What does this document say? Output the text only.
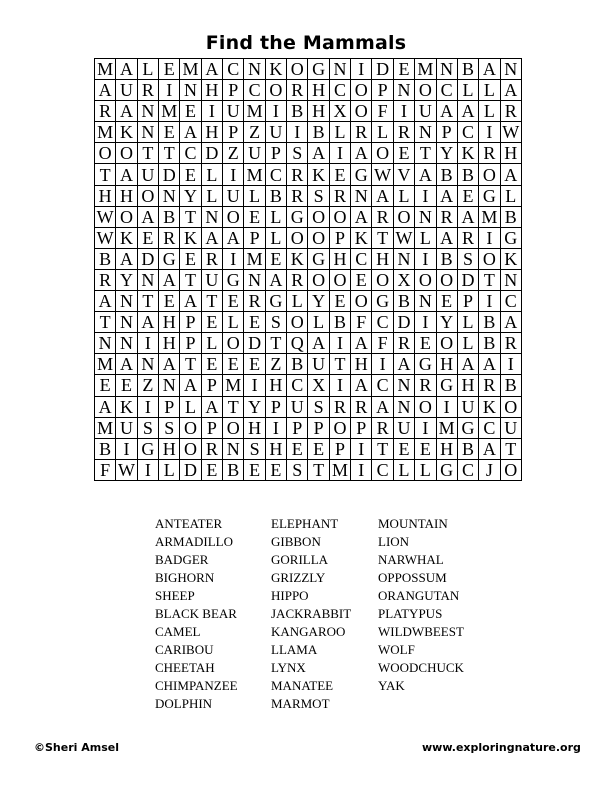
Find the Mammals
M	A	L	E	M	A	C	N	K	O	G	N	I	D	E	M	N	B	A	N
A	U	R	I	N	H	P	C	O	R	H	C	O	P	N	O	C	L	L	A
R	A	N	M	E	I	U	M	I	B	H	X	O	F	I	U	A	A	L	R
M	K	N	E	A	H	P	Z	U	I	B	L	R	L	R	N	P	C	I	W
O	O	T	T	C	D	Z	U	P	S	A	I	A	O	E	T	Y	K	R	H
T	A	U	D	E	L	I	M	C	R	K	E	G	W	V	A	B	B	O	A
H	H	O	N	Y	L	U	L	B	R	S	R	N	A	L	I	A	E	G	L
W	O	A	B	T	N	O	E	L	G	O	O	A	R	O	N	R	A	M	B
W	K	E	R	K	A	A	P	L	O	O	P	K	T	W	L	A	R	I	G
B	A	D	G	E	R	I	M	E	K	G	H	C	H	N	I	B	S	O	K
R	Y	N	A	T	U	G	N	A	R	O	O	E	O	X	O	O	D	T	N
A	N	T	E	A	T	E	R	G	L	Y	E	O	G	B	N	E	P	I	C
T	N	A	H	P	E	L	E	S	O	L	B	F	C	D	I	Y	L	B	A
N	N	I	H	P	L	O	D	T	Q	A	I	A	F	R	E	O	L	B	R
M	A	N	A	T	E	E	E	Z	B	U	T	H	I	A	G	H	A	A	I
E	E	Z	N	A	P	M	I	H	C	X	I	A	C	N	R	G	H	R	B
A	K	I	P	L	A	T	Y	P	U	S	R	R	A	N	O	I	U	K	O
M	U	S	S	O	P	O	H	I	P	P	O	P	R	U	I	M	G	C	U
B	I	G	H	O	R	N	S	H	E	E	P	I	T	E	E	H	B	A	T
F	W	I	L	D	E	B	E	E	S	T	M	I	C	L	L	G	C	J	O
ANTEATER
ARMADILLO
BADGER
BIGHORN
SHEEP
BLACK BEAR
CAMEL
CARIBOU
CHEETAH
CHIMPANZEE
DOLPHIN
ELEPHANT
GIBBON
GORILLA
GRIZZLY
HIPPO
JACKRABBIT
KANGAROO
LLAMA
LYNX
MANATEE
MARMOT
MOUNTAIN
LION
NARWHAL
OPPOSSUM
ORANGUTAN
PLATYPUS
WILDWBEEST
WOLF
WOODCHUCK
YAK
©Sheri Amsel	www.exploringnature.org
